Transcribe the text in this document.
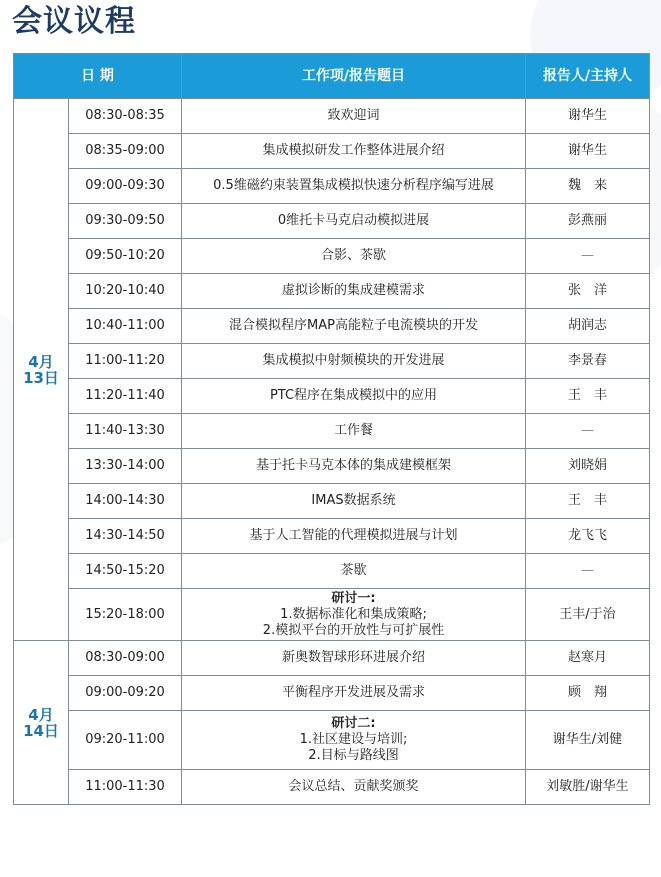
会议议程
日 期		工作项/报告题目	报告人/主持人

4月
13日	08:30-08:35	致欢迎词	谢华生
	08:35-09:00	集成模拟研发工作整体进展介绍	谢华生
	09:00-09:30	0.5维磁约束装置集成模拟快速分析程序编写进展	魏　来
	09:30-09:50	0维托卡马克启动模拟进展	彭燕丽
	09:50-10:20	合影、茶歇	—
	10:20-10:40	虚拟诊断的集成建模需求	张　洋
	10:40-11:00	混合模拟程序MAP高能粒子电流模块的开发	胡润志
	11:00-11:20	集成模拟中射频模块的开发进展	李景春
	11:20-11:40	PTC程序在集成模拟中的应用	王　丰
	11:40-13:30	工作餐	—
	13:30-14:00	基于托卡马克本体的集成建模框架	刘晓娟
	14:00-14:30	IMAS数据系统	王　丰
	14:30-14:50	基于人工智能的代理模拟进展与计划	龙飞飞
	14:50-15:20	茶歇	—
	15:20-18:00	研讨一:
1.数据标准化和集成策略;
2.模拟平台的开放性与可扩展性	王丰/于治

4月
14日	08:30-09:00	新奥数智球形环进展介绍	赵寒月
	09:00-09:20	平衡程序开发进展及需求	顾　翔
	09:20-11:00	研讨二:
1.社区建设与培训;
2.目标与路线图	谢华生/刘健
	11:00-11:30	会议总结、贡献奖颁奖	刘敏胜/谢华生
